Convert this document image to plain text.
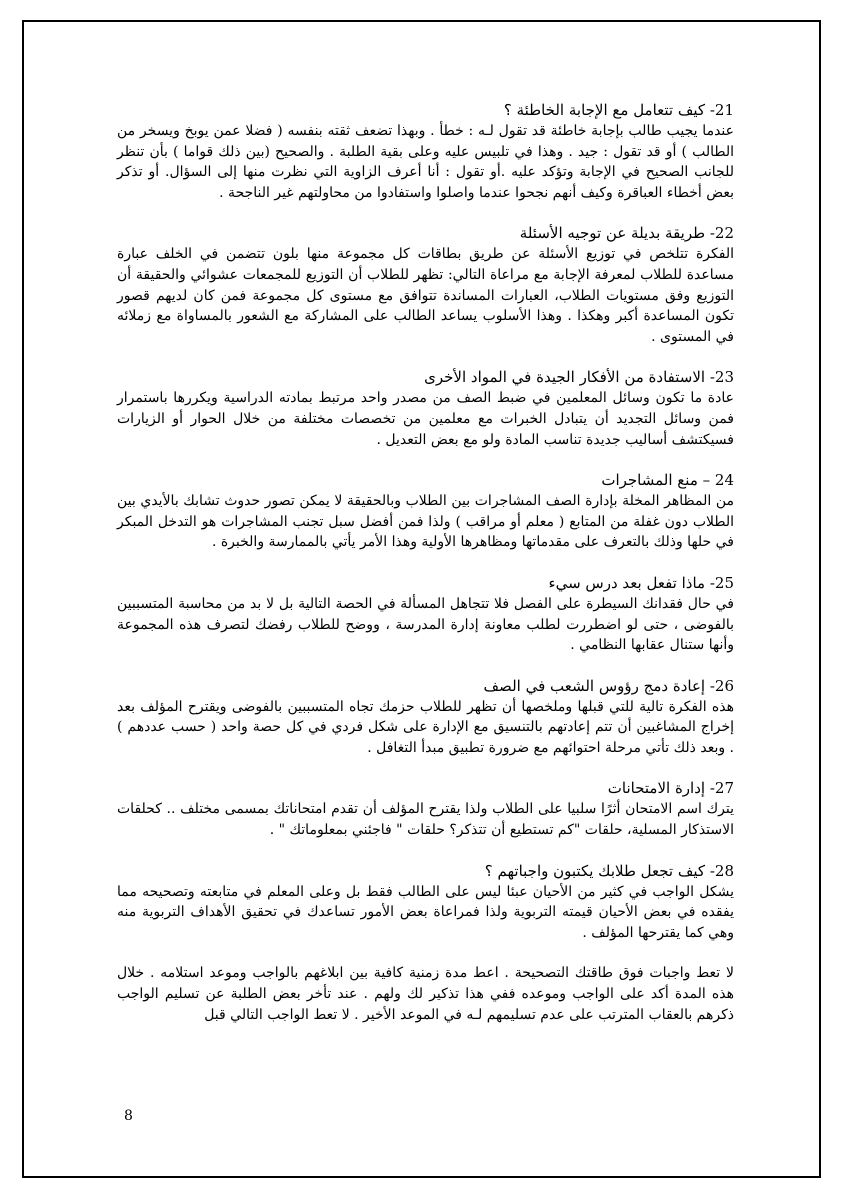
21- كيف تتعامل مع الإجابة الخاطئة ؟

عندما يجيب طالب بإجابة خاطئة قد تقول لـه : خطأ . وبهذا تضعف ثقته بنفسه ( فضلا عمن يوبخ ويسخر من الطالب ) أو قد تقول : جيد . وهذا في تلبيس عليه وعلى بقية الطلبة . والصحيح (بين ذلك قواما ) بأن تنظر للجانب الصحيح في الإجابة وتؤكد عليه .أو تقول : أنا أعرف الزاوية التي نظرت منها إلى السؤال. أو تذكر بعض أخطاء العباقرة وكيف أنهم نجحوا عندما واصلوا واستفادوا من محاولتهم غير الناجحة .

22- طريقة بديلة عن توجيه الأسئلة

الفكرة تتلخص في توزيع الأسئلة عن طريق بطاقات كل مجموعة منها بلون تتضمن في الخلف عبارة مساعدة للطلاب لمعرفة الإجابة مع مراعاة التالي: تظهر للطلاب أن التوزيع للمجمعات عشوائي والحقيقة أن التوزيع وفق مستويات الطلاب، العبارات المساندة تتوافق مع مستوى كل مجموعة فمن كان لديهم قصور تكون المساعدة أكبر وهكذا . وهذا الأسلوب يساعد الطالب على المشاركة مع الشعور بالمساواة مع زملائه في المستوى .

23- الاستفادة من الأفكار الجيدة في المواد الأخرى

عادة ما تكون وسائل المعلمين في ضبط الصف من مصدر واحد مرتبط بمادته الدراسية ويكررها باستمرار فمن وسائل التجديد أن يتبادل الخبرات مع معلمين من تخصصات مختلفة من خلال الحوار أو الزيارات فسيكتشف أساليب جديدة تناسب المادة ولو مع بعض التعديل .

24 – منع المشاجرات

من المظاهر المخلة بإدارة الصف المشاجرات بين الطلاب وبالحقيقة لا يمكن تصور حدوث تشابك بالأيدي بين الطلاب دون غفلة من المتابع ( معلم أو مراقب ) ولذا فمن أفضل سبل تجنب المشاجرات هو التدخل المبكر في حلها وذلك بالتعرف على مقدماتها ومظاهرها الأولية وهذا الأمر يأتي بالممارسة والخبرة .

25- ماذا تفعل بعد درس سيء

في حال فقدانك السيطرة على الفصل فلا تتجاهل المسألة في الحصة التالية بل لا بد من محاسبة المتسببين بالفوضى ، حتى لو اضطررت لطلب معاونة إدارة المدرسة ، ووضح للطلاب رفضك لتصرف هذه المجموعة وأنها ستنال عقابها النظامي .

26- إعادة دمج رؤوس الشعب في الصف

هذه الفكرة تالية للتي قبلها وملخصها أن تظهر للطلاب حزمك تجاه المتسببين بالفوضى ويقترح المؤلف بعد إخراج المشاغبين أن تتم إعادتهم بالتنسيق مع الإدارة على شكل فردي في كل حصة واحد ( حسب عددهم ) . وبعد ذلك تأتي مرحلة احتوائهم مع ضرورة تطبيق مبدأ التغافل .

27- إدارة الامتحانات

يترك اسم الامتحان أثرًا سلبيا على الطلاب ولذا يقترح المؤلف أن تقدم امتحاناتك بمسمى مختلف .. كحلقات الاستذكار المسلية، حلقات "كم تستطيع أن تتذكر؟ حلقات " فاجئني بمعلوماتك " .

28- كيف تجعل طلابك يكتبون واجباتهم ؟

يشكل الواجب في كثير من الأحيان عبئا ليس على الطالب فقط بل وعلى المعلم في متابعته وتصحيحه مما يفقده في بعض الأحيان قيمته التربوية ولذا فمراعاة بعض الأمور تساعدك في تحقيق الأهداف التربوية منه وهي كما يقترحها المؤلف .

لا تعط واجبات فوق طاقتك التصحيحة . اعط مدة زمنية كافية بين ابلاغهم بالواجب وموعد استلامه . خلال هذه المدة أكد على الواجب وموعده ففي هذا تذكير لك ولهم . عند تأخر بعض الطلبة عن تسليم الواجب ذكرهم بالعقاب المترتب على عدم تسليمهم لـه في الموعد الأخير . لا تعط الواجب التالي قبل

8
